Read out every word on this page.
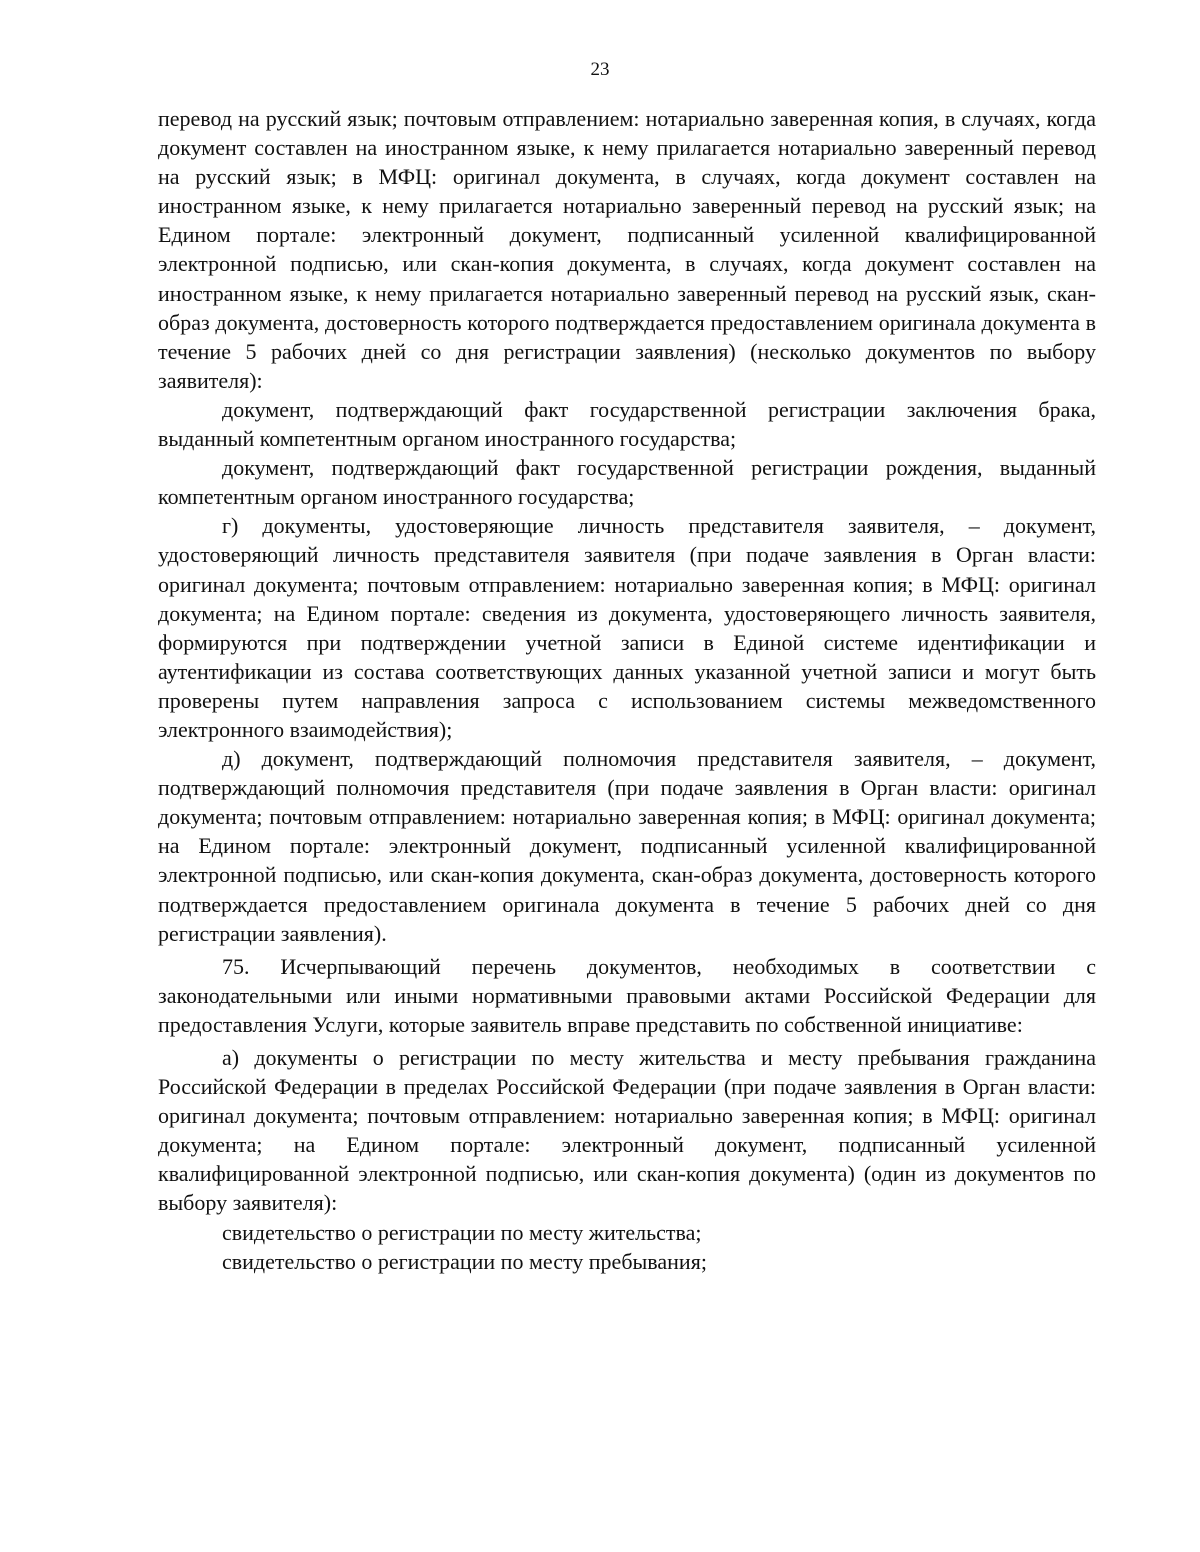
23

перевод на русский язык; почтовым отправлением: нотариально заверенная копия, в случаях, когда документ составлен на иностранном языке, к нему прилагается нотариально заверенный перевод на русский язык; в МФЦ: оригинал документа, в случаях, когда документ составлен на иностранном языке, к нему прилагается нотариально заверенный перевод на русский язык; на Едином портале: электронный документ, подписанный усиленной квалифицированной электронной подписью, или скан-копия документа, в случаях, когда документ составлен на иностранном языке, к нему прилагается нотариально заверенный перевод на русский язык, скан-образ документа, достоверность которого подтверждается предоставлением оригинала документа в течение 5 рабочих дней со дня регистрации заявления) (несколько документов по выбору заявителя):

документ, подтверждающий факт государственной регистрации заключения брака, выданный компетентным органом иностранного государства;

документ, подтверждающий факт государственной регистрации рождения, выданный компетентным органом иностранного государства;

г) документы, удостоверяющие личность представителя заявителя, – документ, удостоверяющий личность представителя заявителя (при подаче заявления в Орган власти: оригинал документа; почтовым отправлением: нотариально заверенная копия; в МФЦ: оригинал документа; на Едином портале: сведения из документа, удостоверяющего личность заявителя, формируются при подтверждении учетной записи в Единой системе идентификации и аутентификации из состава соответствующих данных указанной учетной записи и могут быть проверены путем направления запроса с использованием системы межведомственного электронного взаимодействия);

д) документ, подтверждающий полномочия представителя заявителя, – документ, подтверждающий полномочия представителя (при подаче заявления в Орган власти: оригинал документа; почтовым отправлением: нотариально заверенная копия; в МФЦ: оригинал документа; на Едином портале: электронный документ, подписанный усиленной квалифицированной электронной подписью, или скан-копия документа, скан-образ документа, достоверность которого подтверждается предоставлением оригинала документа в течение 5 рабочих дней со дня регистрации заявления).

75. Исчерпывающий перечень документов, необходимых в соответствии с законодательными или иными нормативными правовыми актами Российской Федерации для предоставления Услуги, которые заявитель вправе представить по собственной инициативе:

а) документы о регистрации по месту жительства и месту пребывания гражданина Российской Федерации в пределах Российской Федерации (при подаче заявления в Орган власти: оригинал документа; почтовым отправлением: нотариально заверенная копия; в МФЦ: оригинал документа; на Едином портале: электронный документ, подписанный усиленной квалифицированной электронной подписью, или скан-копия документа) (один из документов по выбору заявителя):

свидетельство о регистрации по месту жительства;

свидетельство о регистрации по месту пребывания;
